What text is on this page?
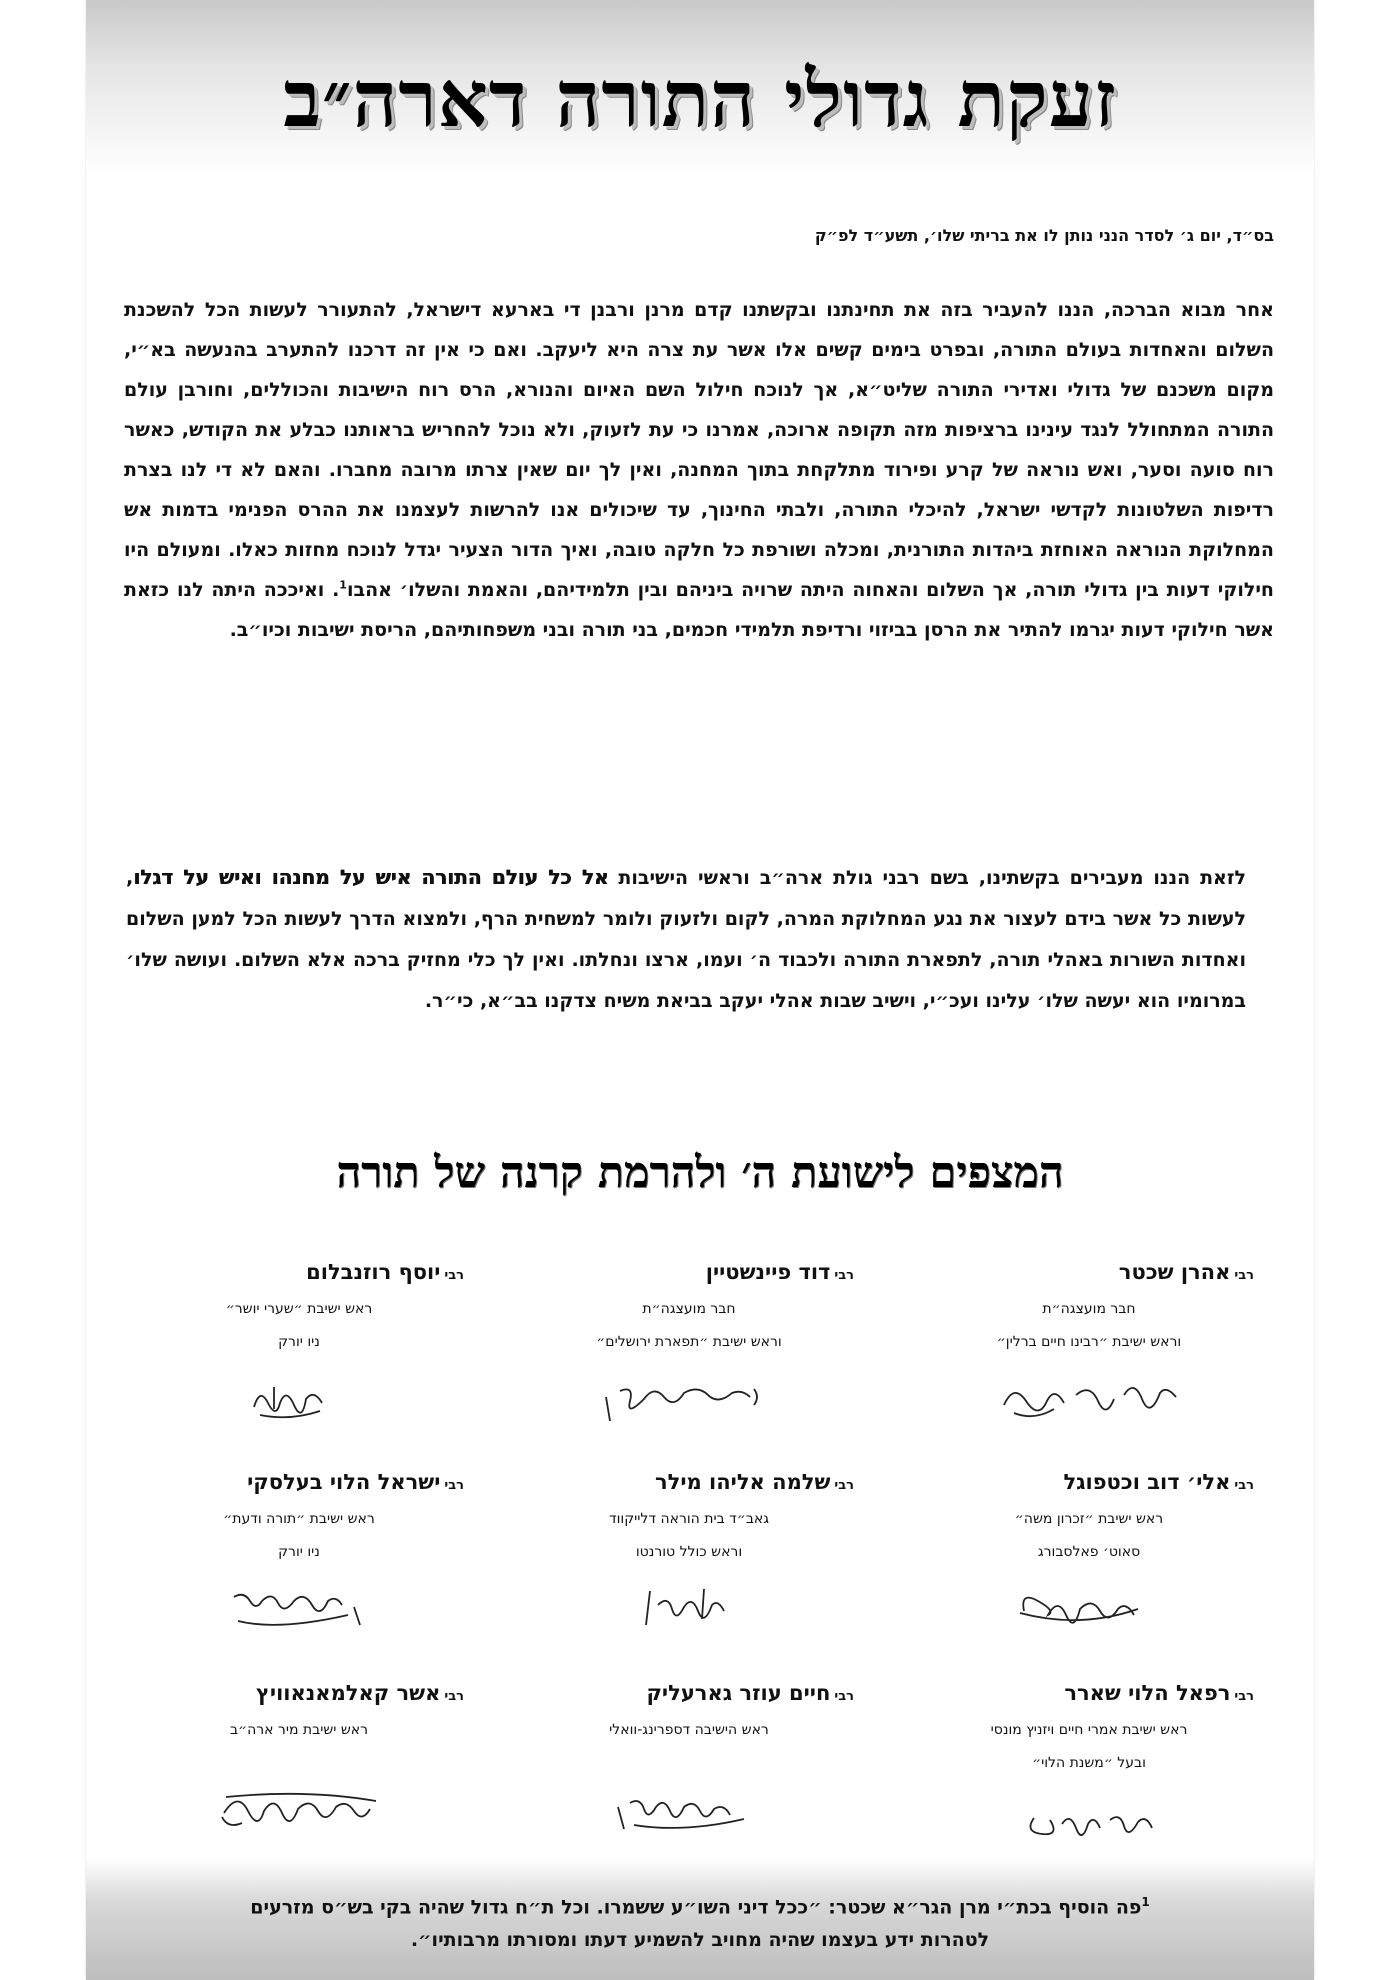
זעקת גדולי התורה דארה״ב
בס״ד, יום ג׳ לסדר הנני נותן לו את בריתי שלו׳, תשע״ד לפ״ק
אחר מבוא הברכה, הננו להעביר בזה את תחינתנו ובקשתנו קדם מרנן ורבנן די בארעא דישראל, להתעורר לעשות הכל להשכנת השלום והאחדות בעולם התורה, ובפרט בימים קשים אלו אשר עת צרה היא ליעקב. ואם כי אין זה דרכנו להתערב בהנעשה בא״י, מקום משכנם של גדולי ואדירי התורה שליט״א, אך לנוכח חילול השם האיום והנורא, הרס רוח הישיבות והכוללים, וחורבן עולם התורה המתחולל לנגד עינינו ברציפות מזה תקופה ארוכה, אמרנו כי עת לזעוק, ולא נוכל להחריש בראותנו כבלע את הקודש, כאשר רוח סועה וסער, ואש נוראה של קרע ופירוד מתלקחת בתוך המחנה, ואין לך יום שאין צרתו מרובה מחברו. והאם לא די לנו בצרת רדיפות השלטונות לקדשי ישראל, להיכלי התורה, ולבתי החינוך, עד שיכולים אנו להרשות לעצמנו את ההרס הפנימי בדמות אש המחלוקת הנוראה האוחזת ביהדות התורנית, ומכלה ושורפת כל חלקה טובה, ואיך הדור הצעיר יגדל לנוכח מחזות כאלו. ומעולם היו חילוקי דעות בין גדולי תורה, אך השלום והאחוה היתה שרויה ביניהם ובין תלמידיהם, והאמת והשלו׳ אהבו$^1$. ואיככה היתה לנו כזאת אשר חילוקי דעות יגרמו להתיר את הרסן בביזוי ורדיפת תלמידי חכמים, בני תורה ובני משפחותיהם, הריסת ישיבות וכיו״ב.
לזאת הננו מעבירים בקשתינו, בשם רבני גולת ארה״ב וראשי הישיבות אל כל עולם התורה איש על מחנהו ואיש על דגלו, לעשות כל אשר בידם לעצור את נגע המחלוקת המרה, לקום ולזעוק ולומר למשחית הרף, ולמצוא הדרך לעשות הכל למען השלום ואחדות השורות באהלי תורה, לתפארת התורה ולכבוד ה׳ ועמו, ארצו ונחלתו. ואין לך כלי מחזיק ברכה אלא השלום. ועושה שלו׳ במרומיו הוא יעשה שלו׳ עלינו ועכ״י, וישיב שבות אהלי יעקב בביאת משיח צדקנו בב״א, כי״ר.
המצפים לישועת ה׳ ולהרמת קרנה של תורה
רביאהרן שכטר
חבר מועצגה״ת
וראש ישיבת ״רבינו חיים ברלין״
אהרן משה שכטר
רבידוד פיינשטיין
חבר מועצגה״ת
וראש ישיבת ״תפארת ירושלים״
דוד פיינשטיין
רבייוסף רוזנבלום
ראש ישיבת ״שערי יושר״
ניו יורק
יוסף רוזנבלום
רביאלי׳ דוב וכטפוגל
ראש ישיבת ״זכרון משה״
סאוט׳ פאלסבורג
אלי׳ דוב וכטפוגל
רבישלמה אליהו מילר
גאב״ד בית הוראה דלייקווד
וראש כולל טורנטו
שלמה אליהו מילר
רביישראל הלוי בעלסקי
ראש ישיבת ״תורה ודעת״
ניו יורק
ישראל הלוי בעלסקי
רבירפאל הלוי שארר
ראש ישיבת אמרי חיים ויזניץ מונסי
ובעל ״משנת הלוי״
רפאל הלוי שארר
רביחיים עוזר גארעליק
ראש הישיבה דספרינג-וואלי
חיים עוזר גארעליק
רביאשר קאלמאנאוויץ
ראש ישיבת מיר ארה״ב
אשר קאלמאנאוויץ
$^1$פה הוסיף בכת״י מרן הגר״א שכטר: ״ככל דיני השו״ע ששמרו. וכל ת״ח גדול שהיה בקי בש״ס מזרעים
לטהרות ידע בעצמו שהיה מחויב להשמיע דעתו ומסורתו מרבותיו״.
